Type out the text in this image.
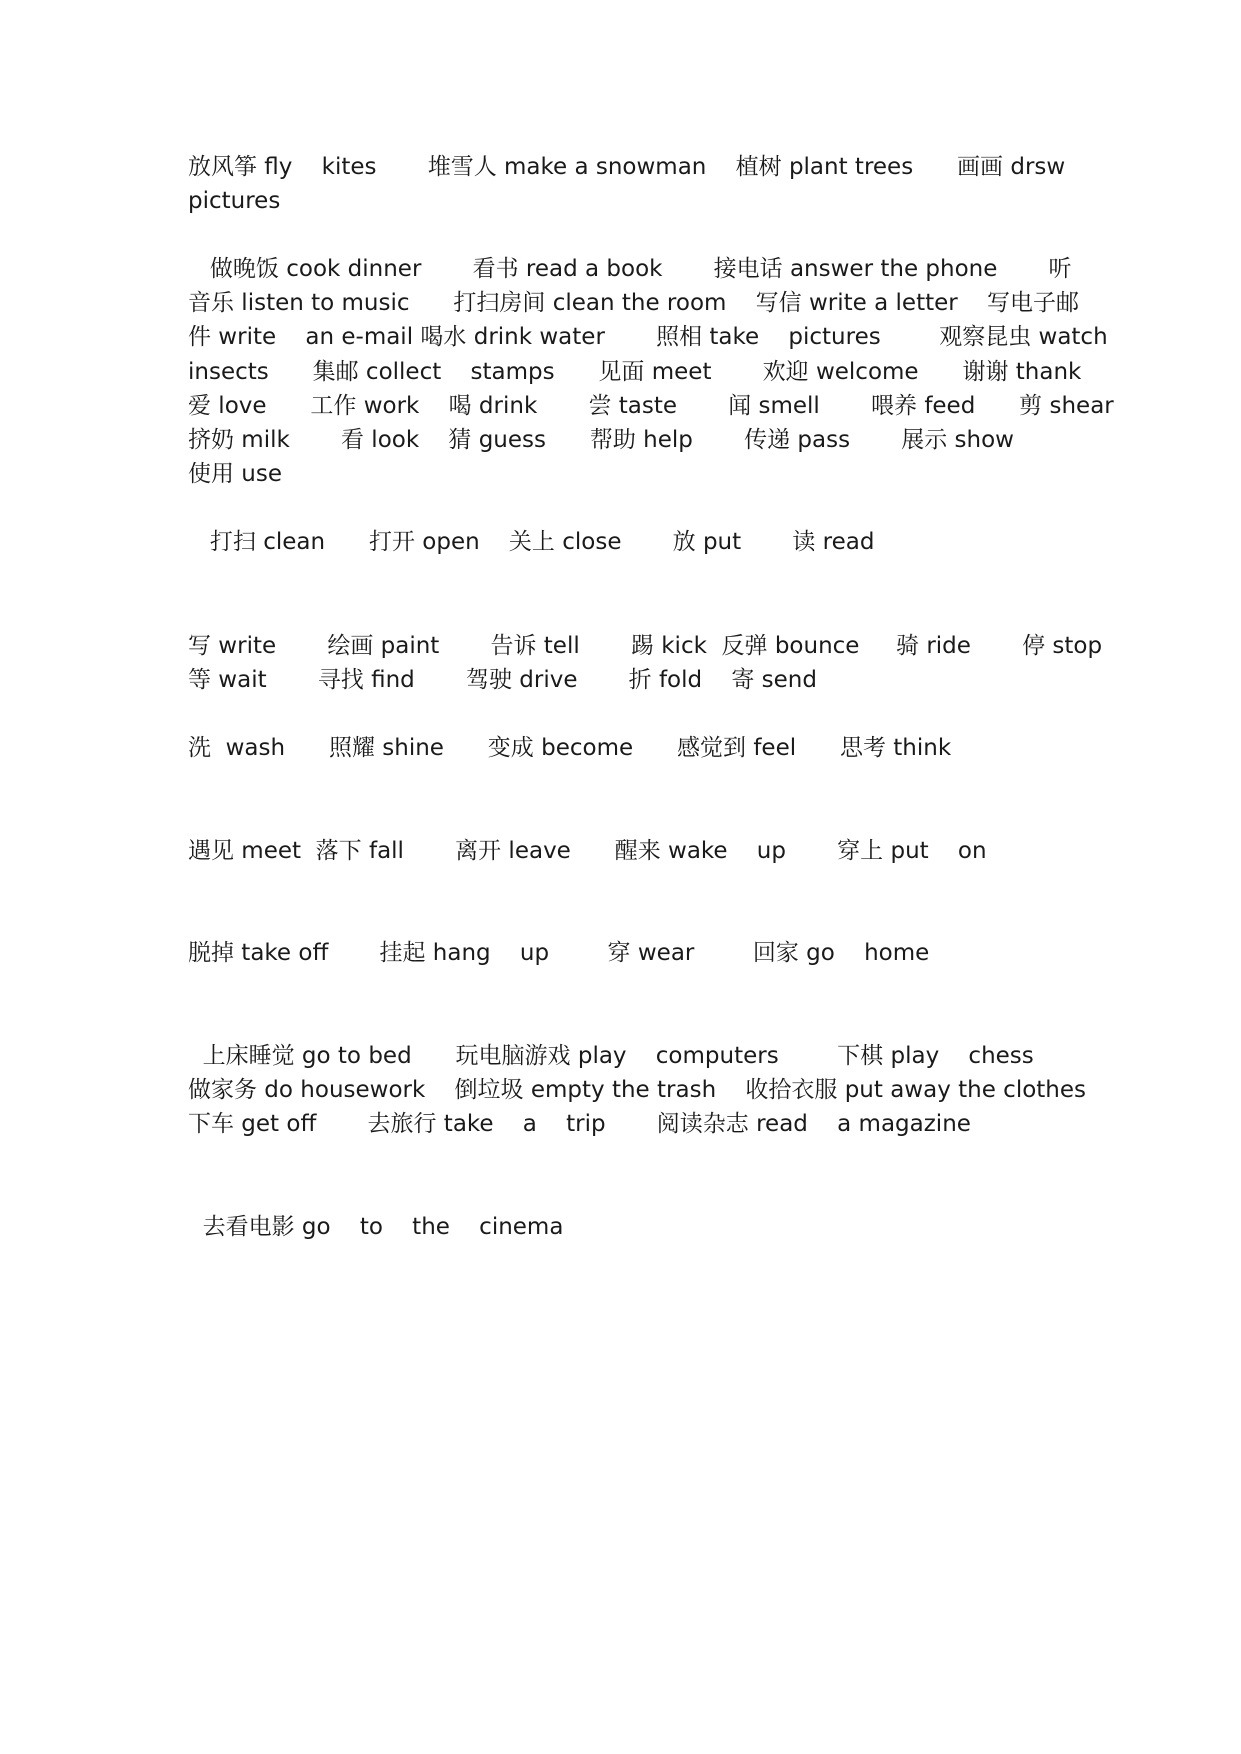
放风筝 fly    kites       堆雪人 make a snowman    植树 plant trees      画画 drsw

pictures

做晚饭 cook dinner       看书 read a book       接电话 answer the phone       听

音乐 listen to music      打扫房间 clean the room    写信 write a letter    写电子邮

件 write    an e-mail 喝水 drink water       照相 take    pictures        观察昆虫 watch

insects      集邮 collect    stamps      见面 meet       欢迎 welcome      谢谢 thank

爱 love      工作 work    喝 drink       尝 taste       闻 smell       喂养 feed      剪 shear

挤奶 milk       看 look    猜 guess      帮助 help       传递 pass       展示 show

使用 use

打扫 clean      打开 open    关上 close       放 put       读 read

写 write       绘画 paint       告诉 tell       踢 kick  反弹 bounce     骑 ride       停 stop

等 wait       寻找 find       驾驶 drive       折 fold    寄 send

洗  wash      照耀 shine      变成 become      感觉到 feel      思考 think

遇见 meet  落下 fall       离开 leave      醒来 wake    up       穿上 put    on

脱掉 take off       挂起 hang    up        穿 wear        回家 go    home

上床睡觉 go to bed      玩电脑游戏 play    computers        下棋 play    chess

做家务 do housework    倒垃圾 empty the trash    收拾衣服 put away the clothes

下车 get off       去旅行 take    a    trip       阅读杂志 read    a magazine

去看电影 go    to    the    cinema
